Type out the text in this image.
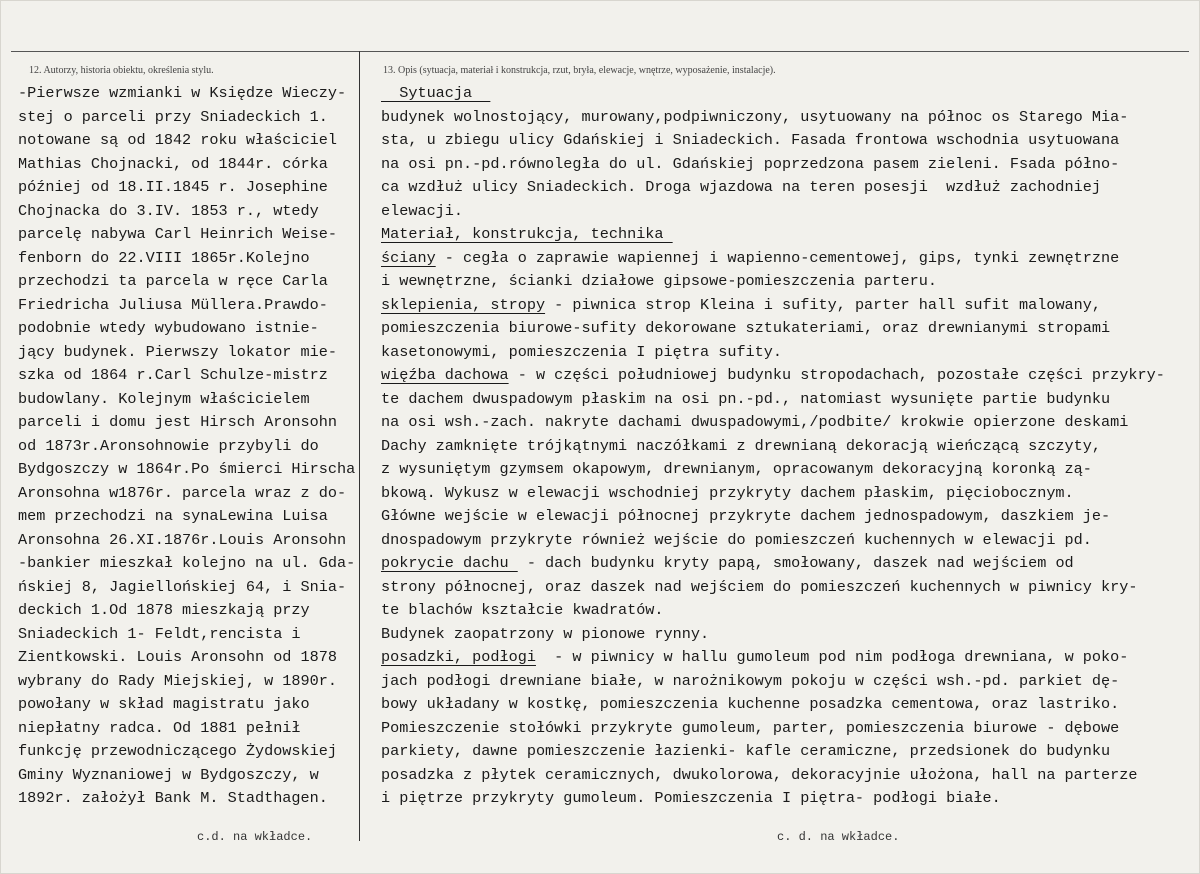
12. Autorzy, historia obiektu, określenia stylu.	13. Opis (sytuacja, materiał i konstrukcja, rzut, bryła, elewacje, wnętrze, wyposażenie, instalacje).
-Pierwsze wzmianki w Księdze Wieczy-
stej o parceli przy Sniadeckich 1.
notowane są od 1842 roku właściciel
Mathias Chojnacki, od 1844r. córka
później od 18.II.1845 r. Josephine
Chojnacka do 3.IV. 1853 r., wtedy
parcelę nabywa Carl Heinrich Weise-
fenborn do 22.VIII 1865r.Kolejno
przechodzi ta parcela w ręce Carla
Friedricha Juliusa Müllera.Prawdo-
podobnie wtedy wybudowano istnie-
jący budynek. Pierwszy lokator mie-
szka od 1864 r.Carl Schulze-mistrz
budowlany. Kolejnym właścicielem
parceli i domu jest Hirsch Aronsohn
od 1873r.Aronsohnowie przybyli do
Bydgoszczy w 1864r.Po śmierci Hirscha
Aronsohna w1876r. parcela wraz z do-
mem przechodzi na synaLewina Luisa
Aronsohna 26.XI.1876r.Louis Aronsohn
-bankier mieszkał kolejno na ul. Gda-
ńskiej 8, Jagiellońskiej 64, i Snia-
deckich 1.Od 1878 mieszkają przy
Sniadeckich 1- Feldt,rencista i
Zientkowski. Louis Aronsohn od 1878
wybrany do Rady Miejskiej, w 1890r.
powołany w skład magistratu jako
niepłatny radca. Od 1881 pełnił
funkcję przewodniczącego Żydowskiej
Gminy Wyznaniowej w Bydgoszczy, w
1892r. założył Bank M. Stadthagen.
Sytuacja
budynek wolnostojący, murowany,podpiwniczony, usytuowany na północ os Starego Mia-
sta, u zbiegu ulicy Gdańskiej i Sniadeckich. Fasada frontowa wschodnia usytuowana
na osi pn.-pd.równoległa do ul. Gdańskiej poprzedzona pasem zieleni. Fsada półno-
ca wzdłuż ulicy Sniadeckich. Droga wjazdowa na teren posesji  wzdłuż zachodniej
elewacji.
Materiał, konstrukcja, technika
ściany - cegła o zaprawie wapiennej i wapienno-cementowej, gips, tynki zewnętrzne
i wewnętrzne, ścianki działowe gipsowe-pomieszczenia parteru.
sklepienia, stropy - piwnica strop Kleina i sufity, parter hall sufit malowany,
pomieszczenia biurowe-sufity dekorowane sztukateriami, oraz drewnianymi stropami
kasetonowymi, pomieszczenia I piętra sufity.
więźba dachowa - w części południowej budynku stropodachach, pozostałe części przykry-
te dachem dwuspadowym płaskim na osi pn.-pd., natomiast wysunięte partie budynku
na osi wsh.-zach. nakryte dachami dwuspadowymi,/podbite/ krokwie opierzone deskami
Dachy zamknięte trójkątnymi naczółkami z drewnianą dekoracją wieńczącą szczyty,
z wysuniętym gzymsem okapowym, drewnianym, opracowanym dekoracyjną koronką zą-
bkową. Wykusz w elewacji wschodniej przykryty dachem płaskim, pięciobocznym.
Główne wejście w elewacji północnej przykryte dachem jednospadowym, daszkiem je-
dnospadowym przykryte również wejście do pomieszczeń kuchennych w elewacji pd.
pokrycie dachu  - dach budynku kryty papą, smołowany, daszek nad wejściem od
strony północnej, oraz daszek nad wejściem do pomieszczeń kuchennych w piwnicy kry-
te blachów kształcie kwadratów.
Budynek zaopatrzony w pionowe rynny.
posadzki, podłogi  - w piwnicy w hallu gumoleum pod nim podłoga drewniana, w poko-
jach podłogi drewniane białe, w narożnikowym pokoju w części wsh.-pd. parkiet dę-
bowy układany w kostkę, pomieszczenia kuchenne posadzka cementowa, oraz lastriko.
Pomieszczenie stołówki przykryte gumoleum, parter, pomieszczenia biurowe - dębowe
parkiety, dawne pomieszczenie łazienki- kafle ceramiczne, przedsionek do budynku
posadzka z płytek ceramicznych, dwukolorowa, dekoracyjnie ułożona, hall na parterze
i piętrze przykryty gumoleum. Pomieszczenia I piętra- podłogi białe.
c.d. na wkładce.	c. d. na wkładce.
